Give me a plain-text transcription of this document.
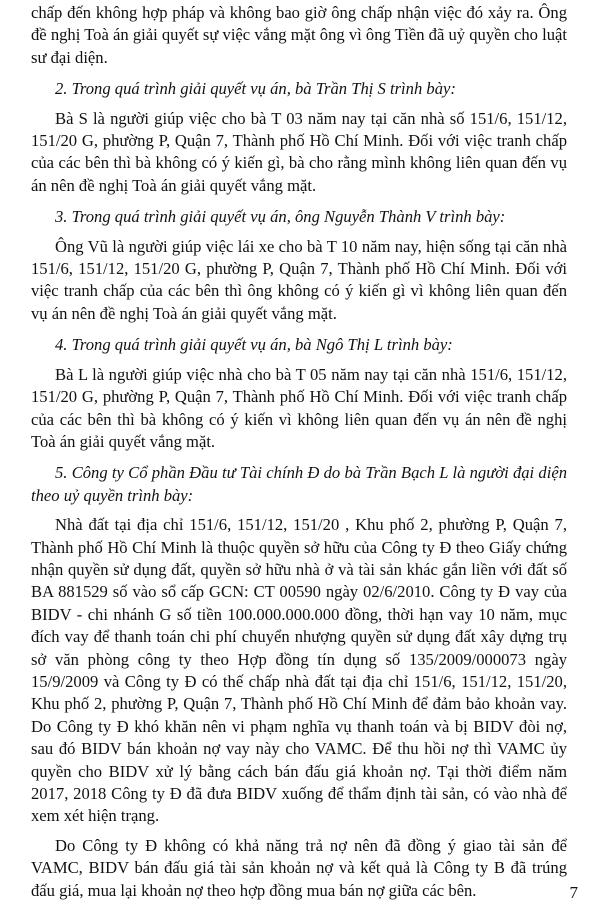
chấp đến không hợp pháp và không bao giờ ông chấp nhận việc đó xảy ra. Ông đề nghị Toà án giải quyết sự việc vắng mặt ông vì ông Tiền đã uỷ quyền cho luật sư đại diện.

2. Trong quá trình giải quyết vụ án, bà Trần Thị S trình bày:

Bà S là người giúp việc cho bà T 03 năm nay tại căn nhà số 151/6, 151/12, 151/20 G, phường P, Quận 7, Thành phố Hồ Chí Minh. Đối với việc tranh chấp của các bên thì bà không có ý kiến gì, bà cho rằng mình không liên quan đến vụ án nên đề nghị Toà án giải quyết vắng mặt.

3. Trong quá trình giải quyết vụ án, ông Nguyễn Thành V trình bày:

Ông Vũ là người giúp việc lái xe cho bà T 10 năm nay, hiện sống tại căn nhà 151/6, 151/12, 151/20 G, phường P, Quận 7, Thành phố Hồ Chí Minh. Đối với việc tranh chấp của các bên thì ông không có ý kiến gì vì không liên quan đến vụ án nên đề nghị Toà án giải quyết vắng mặt.

4. Trong quá trình giải quyết vụ án, bà Ngô Thị L trình bày:

Bà L là người giúp việc nhà cho bà T 05 năm nay tại căn nhà 151/6, 151/12, 151/20 G, phường P, Quận 7, Thành phố Hồ Chí Minh. Đối với việc tranh chấp của các bên thì bà không có ý kiến vì không liên quan đến vụ án nên đề nghị Toà án giải quyết vắng mặt.

5. Công ty Cổ phần Đầu tư Tài chính Đ do bà Trần Bạch L là người đại diện theo uỷ quyền trình bày:

Nhà đất tại địa chỉ 151/6, 151/12, 151/20 , Khu phố 2, phường P, Quận 7, Thành phố Hồ Chí Minh là thuộc quyền sở hữu của Công ty Đ theo Giấy chứng nhận quyền sử dụng đất, quyền sở hữu nhà ở và tài sản khác gắn liền với đất số BA 881529 số vào sổ cấp GCN: CT 00590 ngày 02/6/2010. Công ty Đ vay của BIDV - chi nhánh G số tiền 100.000.000.000 đồng, thời hạn vay 10 năm, mục đích vay để thanh toán chi phí chuyển nhượng quyền sử dụng đất xây dựng trụ sở văn phòng công ty theo Hợp đồng tín dụng số 135/2009/000073 ngày 15/9/2009 và Công ty Đ có thế chấp nhà đất tại địa chỉ 151/6, 151/12, 151/20, Khu phố 2, phường P, Quận 7, Thành phố Hồ Chí Minh để đảm bảo khoản vay. Do Công ty Đ khó khăn nên vi phạm nghĩa vụ thanh toán và bị BIDV đòi nợ, sau đó BIDV bán khoản nợ vay này cho VAMC. Để thu hồi nợ thì VAMC ủy quyền cho BIDV xử lý bằng cách bán đấu giá khoản nợ. Tại thời điểm năm 2017, 2018 Công ty Đ đã đưa BIDV xuống để thẩm định tài sản, có vào nhà để xem xét hiện trạng.

Do Công ty Đ không có khả năng trả nợ nên đã đồng ý giao tài sản để VAMC, BIDV bán đấu giá tài sản khoản nợ và kết quả là Công ty B đã trúng đấu giá, mua lại khoản nợ theo hợp đồng mua bán nợ giữa các bên.	7
